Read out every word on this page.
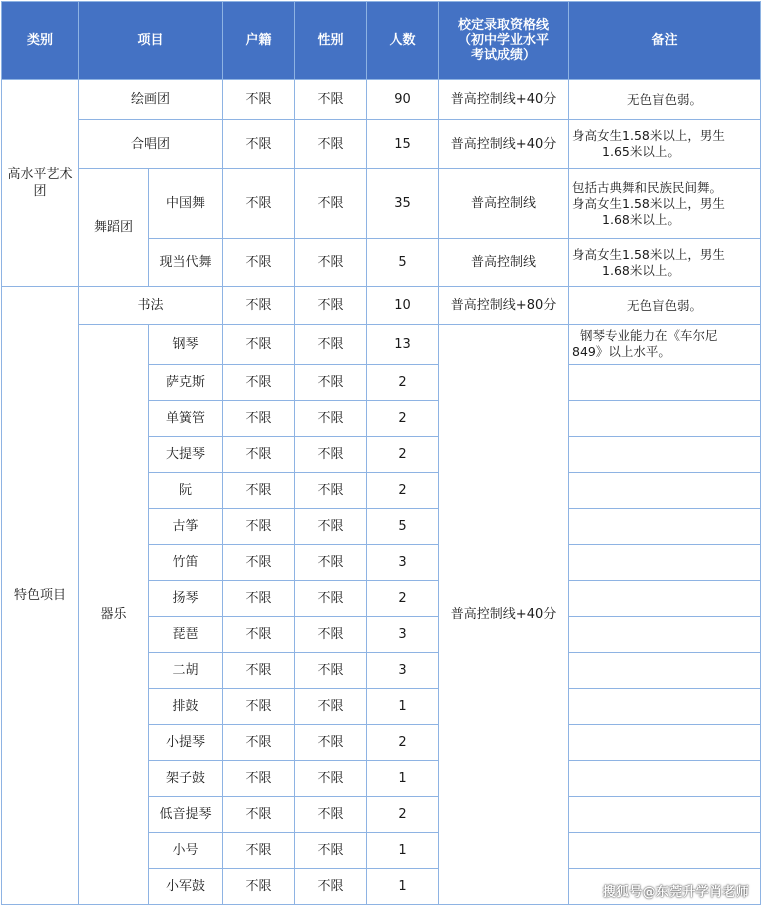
类别	项目		户籍	性别	人数	校定录取资格线
（初中学业水平
考试成绩）	备注
高水平艺术团	绘画团		不限	不限	90	普高控制线+40分	无色盲色弱。
	合唱团		不限	不限	15	普高控制线+40分	身高女生1.58米以上，男生
1.65米以上。

	舞蹈团	中国舞	不限	不限	35	普高控制线	包括古典舞和民族民间舞。
身高女生1.58米以上，男生
1.68米以上。

		现当代舞	不限	不限	5	普高控制线	身高女生1.58米以上，男生
1.68米以上。

特色项目	书法		不限	不限	10	普高控制线+80分	无色盲色弱。
	器乐	钢琴	不限	不限	13	普高控制线+40分	钢琴专业能力在《车尔尼
849》以上水平。

		萨克斯	不限	不限	2		
		单簧管	不限	不限	2		
		大提琴	不限	不限	2		
		阮	不限	不限	2		
		古筝	不限	不限	5		
		竹笛	不限	不限	3		
		扬琴	不限	不限	2		
		琵琶	不限	不限	3		
		二胡	不限	不限	3		
		排鼓	不限	不限	1		
		小提琴	不限	不限	2		
		架子鼓	不限	不限	1		
		低音提琴	不限	不限	2		
		小号	不限	不限	1		
		小军鼓	不限	不限	1			搜狐号@东莞升学肖老师
